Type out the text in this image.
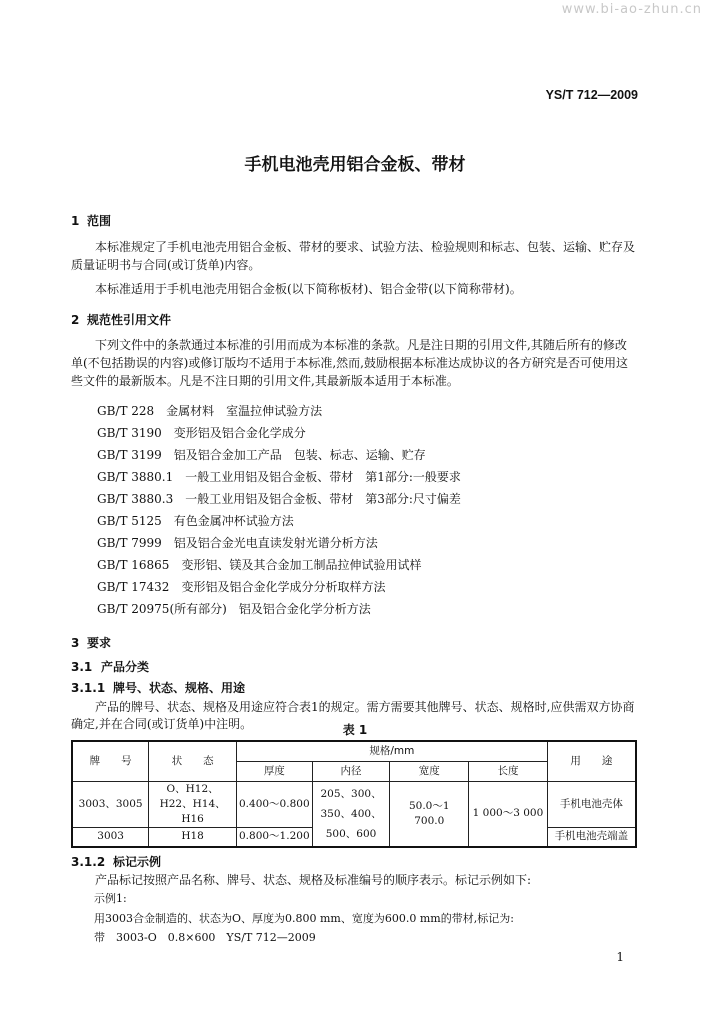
www.bi-ao-zhun.cn
YS/T 712—2009
手机电池壳用铝合金板、带材
1 范围
本标准规定了手机电池壳用铝合金板、带材的要求、试验方法、检验规则和标志、包装、运输、贮存及质量证明书与合同(或订货单)内容。
本标准适用于手机电池壳用铝合金板(以下简称板材)、铝合金带(以下简称带材)。
2 规范性引用文件
下列文件中的条款通过本标准的引用而成为本标准的条款。凡是注日期的引用文件,其随后所有的修改单(不包括勘误的内容)或修订版均不适用于本标准,然而,鼓励根据本标准达成协议的各方研究是否可使用这些文件的最新版本。凡是不注日期的引用文件,其最新版本适用于本标准。
GB/T 228　金属材料　室温拉伸试验方法
GB/T 3190　变形铝及铝合金化学成分
GB/T 3199　铝及铝合金加工产品　包装、标志、运输、贮存
GB/T 3880.1　一般工业用铝及铝合金板、带材　第1部分:一般要求
GB/T 3880.3　一般工业用铝及铝合金板、带材　第3部分:尺寸偏差
GB/T 5125　有色金属冲杯试验方法
GB/T 7999　铝及铝合金光电直读发射光谱分析方法
GB/T 16865　变形铝、镁及其合金加工制品拉伸试验用试样
GB/T 17432　变形铝及铝合金化学成分分析取样方法
GB/T 20975(所有部分)　铝及铝合金化学分析方法
3 要求
3.1 产品分类
3.1.1 牌号、状态、规格、用途
产品的牌号、状态、规格及用途应符合表1的规定。需方需要其他牌号、状态、规格时,应供需双方协商确定,并在合同(或订货单)中注明。	表 1
牌　　号	状　　态	规格/mm				用　　途
		厚度	内径	宽度	长度	
3003、3005	O、H12、H22、H14、H16	0.400～0.800	205、300、350、400、500、600	50.0～1 700.0	1 000～3 000	手机电池壳体
3003	H18	0.800～1.200				手机电池壳端盖
3.1.2 标记示例
产品标记按照产品名称、牌号、状态、规格及标准编号的顺序表示。标记示例如下:
示例1:
用3003合金制造的、状态为O、厚度为0.800 mm、宽度为600.0 mm的带材,标记为:
带　3003-O　0.8×600　YS/T 712—2009
1
